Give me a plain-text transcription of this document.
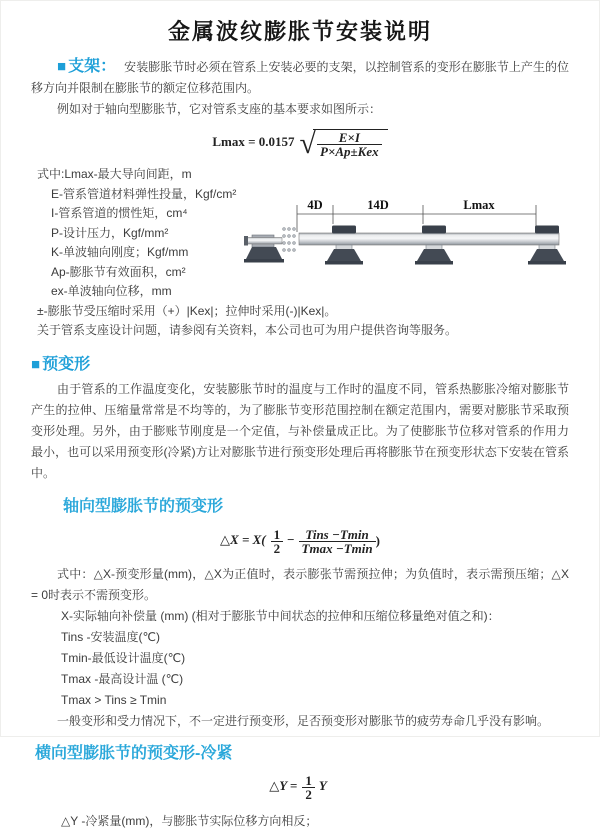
金属波纹膨胀节安装说明

■ 支架： 安装膨胀节时必须在管系上安装必要的支架，以控制管系的变形在膨胀节上产生的位移方向并限制在膨胀节的额定位移范围内。

例如对于轴向型膨胀节，它对管系支座的基本要求如图所示：

Lmax = 0.0157 √ $\frac{E\times I}{\text{P×Ap±Kex}}$

式中:Lmax-最大导向间距，m

E-管系管道材料弹性投量，Kgf/cm²

I-管系管道的惯性矩，cm⁴

P-设计压力，Kgf/mm²

K-单波轴向刚度；Kgf/mm

Ap-膨胀节有效面积，cm²

ex-单波轴向位移，mm

±-膨胀节受压缩时采用（+）|Kex|；拉伸时采用(-)|Kex|。

关于管系支座设计问题，请参阅有关资料，本公司也可为用户提供咨询等服务。

4D	14D	Lmax

■ 预变形

由于管系的工作温度变化，安装膨胀节时的温度与工作时的温度不同，管系热膨胀冷缩对膨胀节产生的拉伸、压缩量常常是不均等的，为了膨胀节变形范围控制在额定范围内，需要对膨胀节采取预变形处理。另外，由于膨账节刚度是一个定值，与补偿量成正比。为了使膨胀节位移对管系的作用力最小，也可以采用预变形(冷紧)方让对膨胀节进行预变形处理后再将膨胀节在预变形状态下安装在管系中。

轴向型膨胀节的预变形
△X = $X( \frac{1}{2} - \frac{\text{Tins −Tmin}}{Tmax -Tmin}$ )

式中：△X-预变形量(mm)，△X为正值时，表示膨张节需预拉伸；为负值时，表示需预压缩；△X = 0时表示不需预变形。

X-实际轴向补偿量 (mm) (相对于膨胀节中间状态的拉伸和压缩位移量绝对值之和)：

Tins -安装温度(℃)

Tmin-最低设计温度(℃)

Tmax -最高设计温 (℃)

Tmax > Tins ≥ Tmin

一般变形和受力情况下，不一定进行预变形，足否预变形对膨胀节的疲劳寿命几乎没有影响。

横向型膨胀节的预变形-冷紧
△Y = $\frac{1}{2}$ Y

△Y -冷紧量(mm)，与膨胀节实际位移方向相反；
